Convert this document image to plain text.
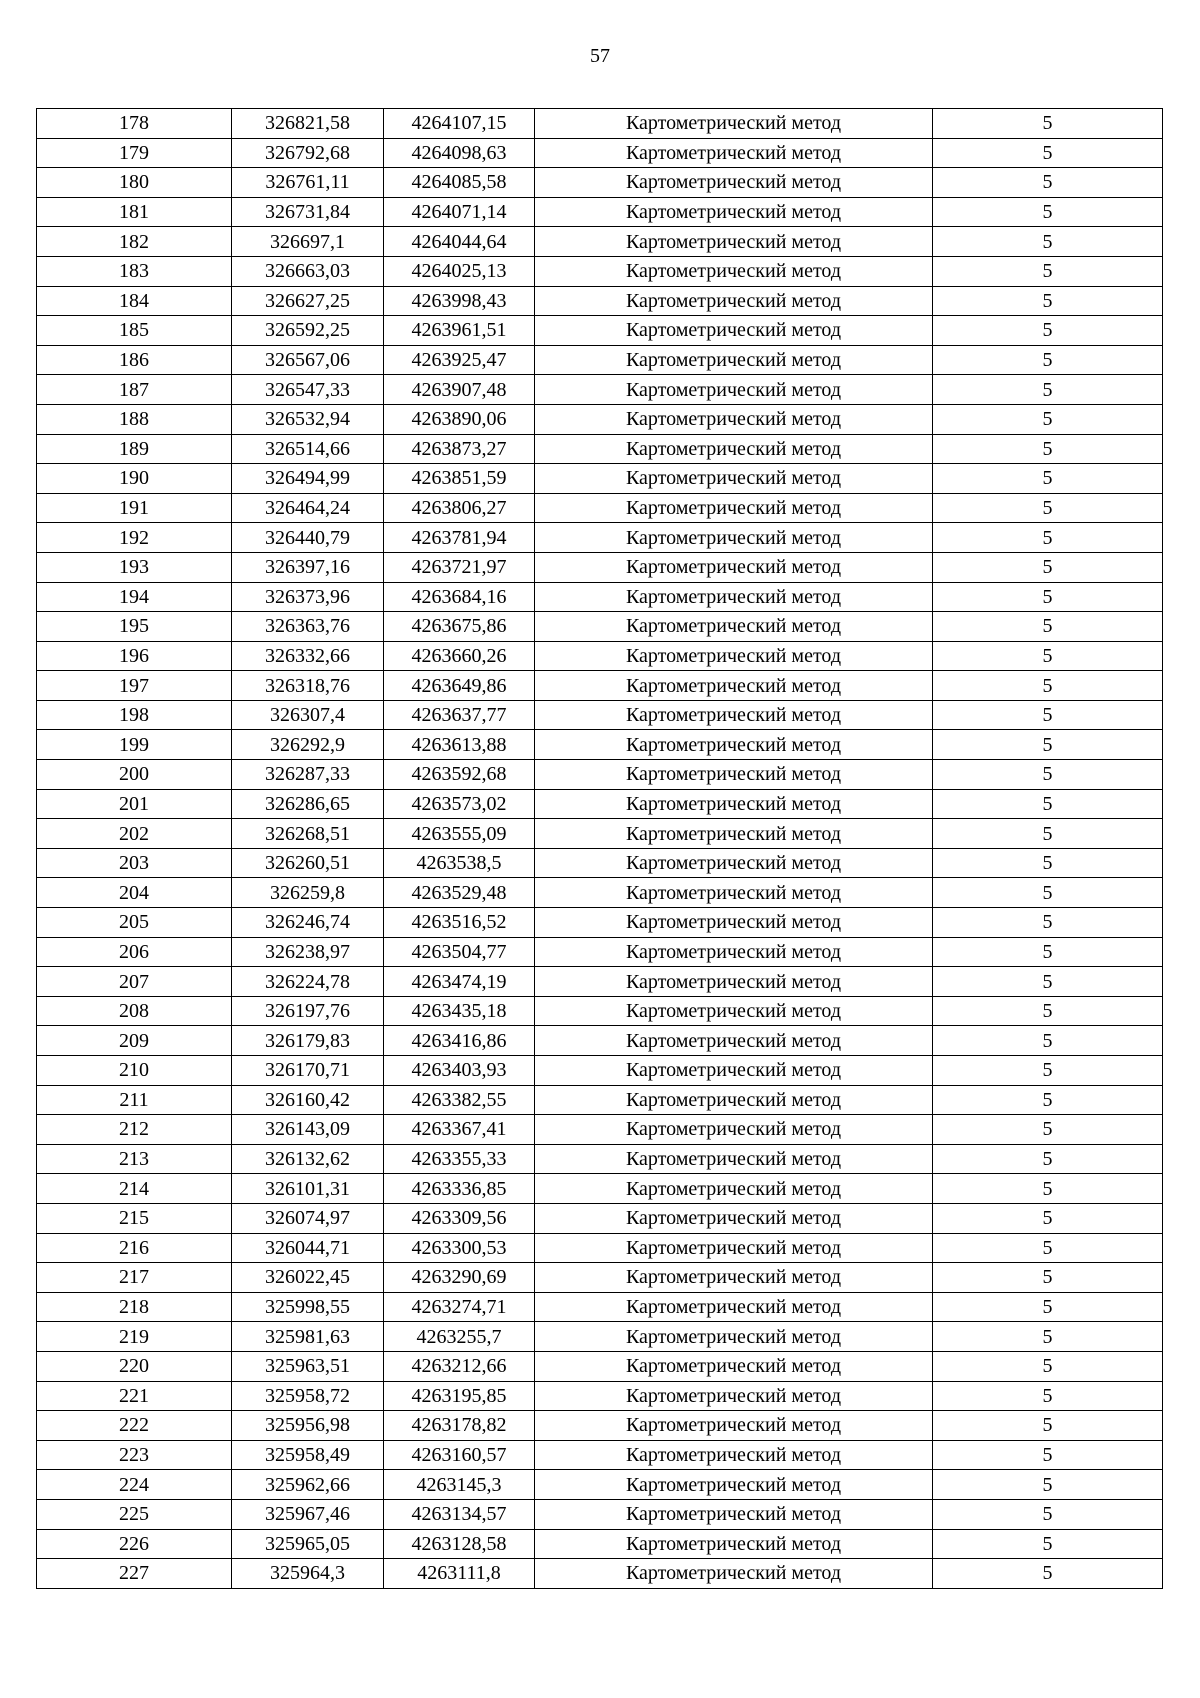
57
178	326821,58	4264107,15	Картометрический метод	5
179	326792,68	4264098,63	Картометрический метод	5
180	326761,11	4264085,58	Картометрический метод	5
181	326731,84	4264071,14	Картометрический метод	5
182	326697,1	4264044,64	Картометрический метод	5
183	326663,03	4264025,13	Картометрический метод	5
184	326627,25	4263998,43	Картометрический метод	5
185	326592,25	4263961,51	Картометрический метод	5
186	326567,06	4263925,47	Картометрический метод	5
187	326547,33	4263907,48	Картометрический метод	5
188	326532,94	4263890,06	Картометрический метод	5
189	326514,66	4263873,27	Картометрический метод	5
190	326494,99	4263851,59	Картометрический метод	5
191	326464,24	4263806,27	Картометрический метод	5
192	326440,79	4263781,94	Картометрический метод	5
193	326397,16	4263721,97	Картометрический метод	5
194	326373,96	4263684,16	Картометрический метод	5
195	326363,76	4263675,86	Картометрический метод	5
196	326332,66	4263660,26	Картометрический метод	5
197	326318,76	4263649,86	Картометрический метод	5
198	326307,4	4263637,77	Картометрический метод	5
199	326292,9	4263613,88	Картометрический метод	5
200	326287,33	4263592,68	Картометрический метод	5
201	326286,65	4263573,02	Картометрический метод	5
202	326268,51	4263555,09	Картометрический метод	5
203	326260,51	4263538,5	Картометрический метод	5
204	326259,8	4263529,48	Картометрический метод	5
205	326246,74	4263516,52	Картометрический метод	5
206	326238,97	4263504,77	Картометрический метод	5
207	326224,78	4263474,19	Картометрический метод	5
208	326197,76	4263435,18	Картометрический метод	5
209	326179,83	4263416,86	Картометрический метод	5
210	326170,71	4263403,93	Картометрический метод	5
211	326160,42	4263382,55	Картометрический метод	5
212	326143,09	4263367,41	Картометрический метод	5
213	326132,62	4263355,33	Картометрический метод	5
214	326101,31	4263336,85	Картометрический метод	5
215	326074,97	4263309,56	Картометрический метод	5
216	326044,71	4263300,53	Картометрический метод	5
217	326022,45	4263290,69	Картометрический метод	5
218	325998,55	4263274,71	Картометрический метод	5
219	325981,63	4263255,7	Картометрический метод	5
220	325963,51	4263212,66	Картометрический метод	5
221	325958,72	4263195,85	Картометрический метод	5
222	325956,98	4263178,82	Картометрический метод	5
223	325958,49	4263160,57	Картометрический метод	5
224	325962,66	4263145,3	Картометрический метод	5
225	325967,46	4263134,57	Картометрический метод	5
226	325965,05	4263128,58	Картометрический метод	5
227	325964,3	4263111,8	Картометрический метод	5
